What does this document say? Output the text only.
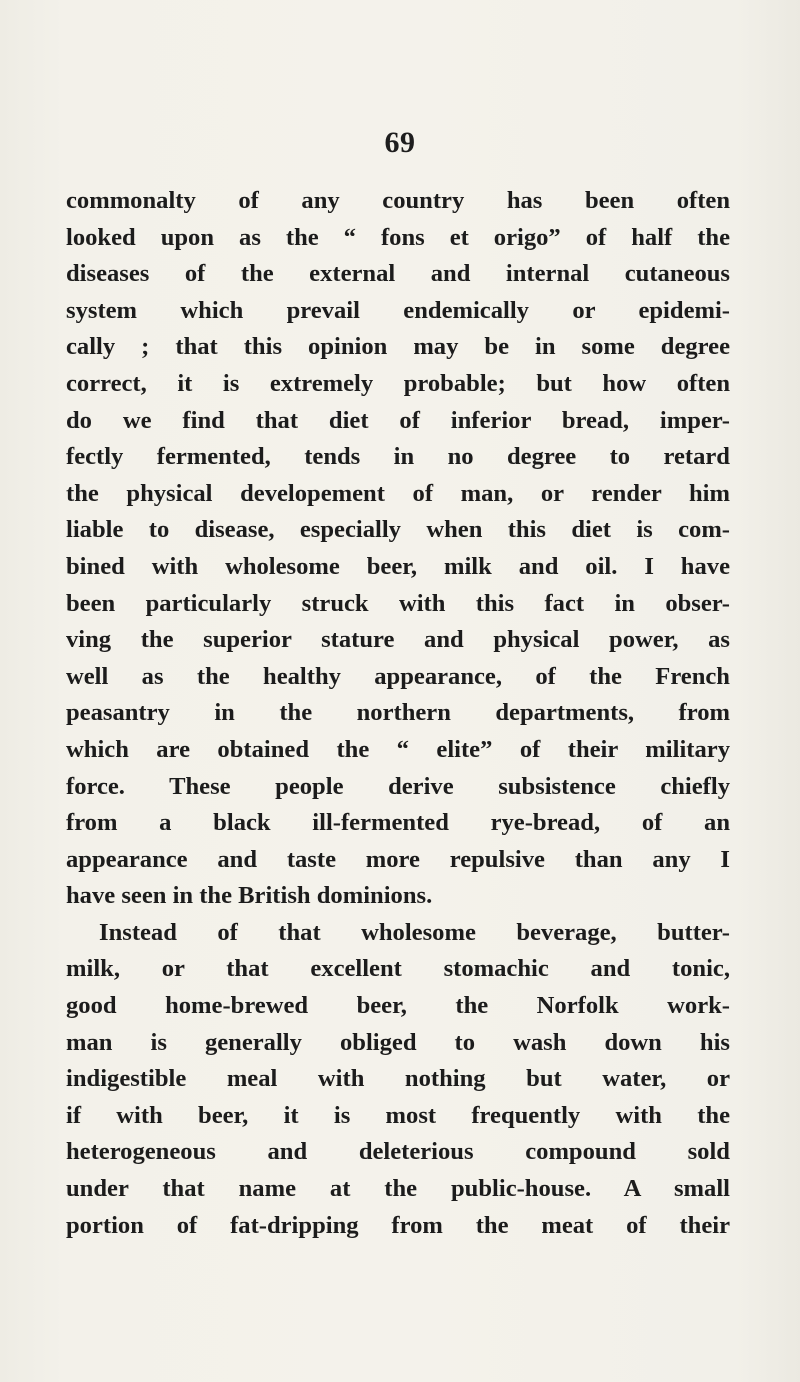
69
commonalty of any country has been often
looked upon as the “ fons et origo” of half the
diseases of the external and internal cutaneous
system which prevail endemically or epidemi-
cally ; that this opinion may be in some degree
correct, it is extremely probable; but how often
do we find that diet of inferior bread, imper-
fectly fermented, tends in no degree to retard
the physical developement of man, or render him
liable to disease, especially when this diet is com-
bined with wholesome beer, milk and oil. I have
been particularly struck with this fact in obser-
ving the superior stature and physical power, as
well as the healthy appearance, of the French
peasantry in the northern departments, from
which are obtained the “ elite” of their military
force. These people derive subsistence chiefly
from a black ill-fermented rye-bread, of an
appearance and taste more repulsive than any I
have seen in the British dominions.
Instead of that wholesome beverage, butter-
milk, or that excellent stomachic and tonic,
good home-brewed beer, the Norfolk work-
man is generally obliged to wash down his
indigestible meal with nothing but water, or
if with beer, it is most frequently with the
heterogeneous and deleterious compound sold
under that name at the public-house. A small
portion of fat-dripping from the meat of their
